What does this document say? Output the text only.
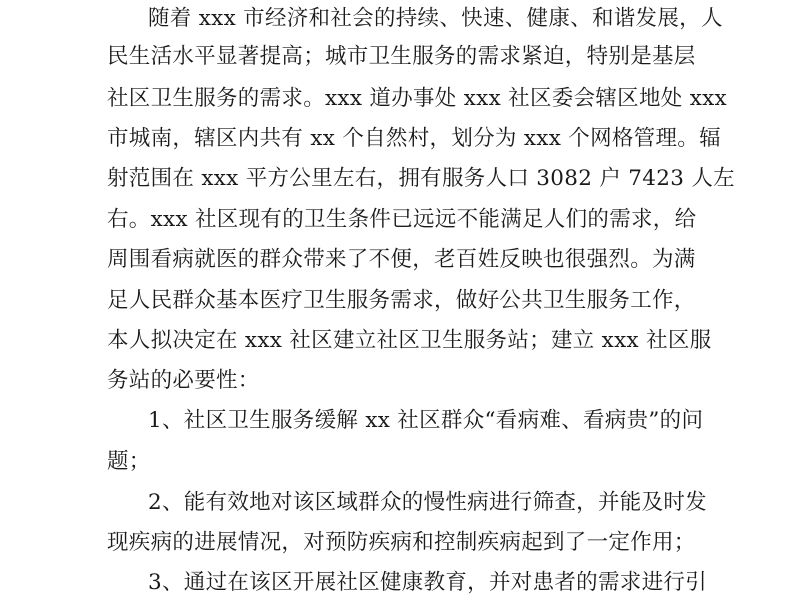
随着 xxx 市经济和社会的持续、快速、健康、和谐发展，人
民生活水平显著提高；城市卫生服务的需求紧迫，特别是基层
社区卫生服务的需求。xxx 道办事处 xxx 社区委会辖区地处 xxx
市城南，辖区内共有 xx 个自然村，划分为 xxx 个网格管理。辐
射范围在 xxx 平方公里左右，拥有服务人口 3082 户 7423 人左
右。xxx 社区现有的卫生条件已远远不能满足人们的需求，给
周围看病就医的群众带来了不便，老百姓反映也很强烈。为满
足人民群众基本医疗卫生服务需求，做好公共卫生服务工作，
本人拟决定在 xxx 社区建立社区卫生服务站；建立 xxx 社区服
务站的必要性：
1、社区卫生服务缓解 xx 社区群众“看病难、看病贵”的问
题；
2、能有效地对该区域群众的慢性病进行筛查，并能及时发
现疾病的进展情况，对预防疾病和控制疾病起到了一定作用；
3、通过在该区开展社区健康教育，并对患者的需求进行引
